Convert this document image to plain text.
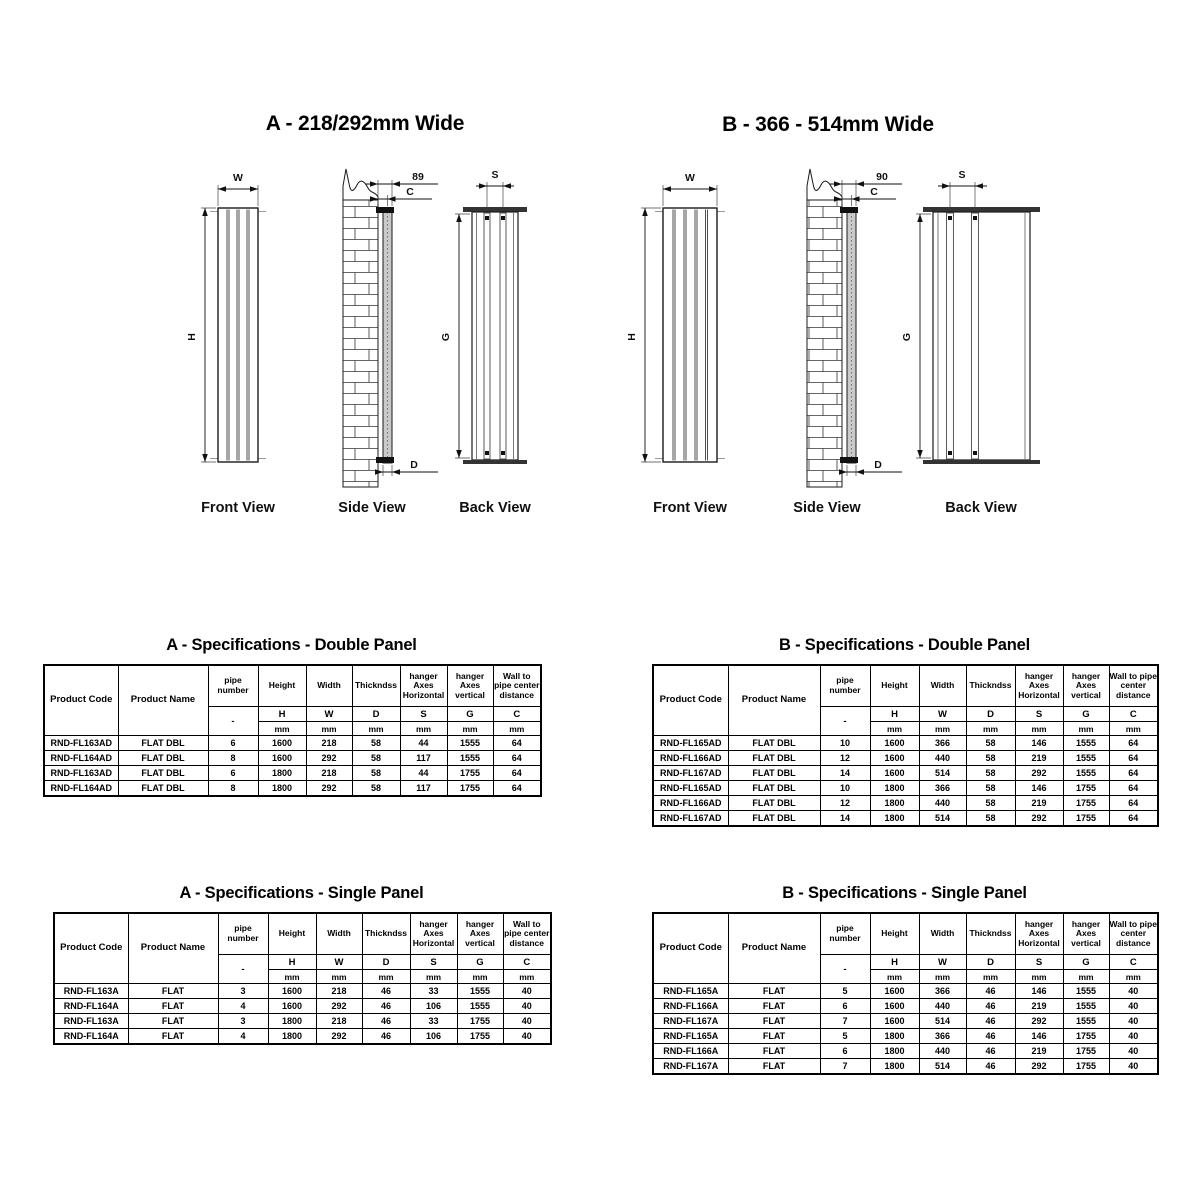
A - 218/292mm Wide	B - 366 - 514mm Wide
W
H
Front View
89
C
D
Side View
S
G
Back View
W
H
Front View
90
C
D
Side View
S
G
Back View
A - Specifications - Double Panel
Product Code	Product Name	pipe number	Height	Width	Thickndss	hanger Axes Horizontal	hanger Axes vertical	Wall to pipe center distance
		-	H	W	D	S	G	C
			mm	mm	mm	mm	mm	mm
RND-FL163AD	FLAT DBL	6	1600	218	58	44	1555	64
RND-FL164AD	FLAT DBL	8	1600	292	58	117	1555	64
RND-FL163AD	FLAT DBL	6	1800	218	58	44	1755	64
RND-FL164AD	FLAT DBL	8	1800	292	58	117	1755	64
B - Specifications - Double Panel
Product Code	Product Name	pipe number	Height	Width	Thickndss	hanger Axes Horizontal	hanger Axes vertical	Wall to pipe center distance
		-	H	W	D	S	G	C
			mm	mm	mm	mm	mm	mm
RND-FL165AD	FLAT DBL	10	1600	366	58	146	1555	64
RND-FL166AD	FLAT DBL	12	1600	440	58	219	1555	64
RND-FL167AD	FLAT DBL	14	1600	514	58	292	1555	64
RND-FL165AD	FLAT DBL	10	1800	366	58	146	1755	64
RND-FL166AD	FLAT DBL	12	1800	440	58	219	1755	64
RND-FL167AD	FLAT DBL	14	1800	514	58	292	1755	64
A - Specifications - Single Panel
Product Code	Product Name	pipe number	Height	Width	Thickndss	hanger Axes Horizontal	hanger Axes vertical	Wall to pipe center distance
		-	H	W	D	S	G	C
			mm	mm	mm	mm	mm	mm
RND-FL163A	FLAT	3	1600	218	46	33	1555	40
RND-FL164A	FLAT	4	1600	292	46	106	1555	40
RND-FL163A	FLAT	3	1800	218	46	33	1755	40
RND-FL164A	FLAT	4	1800	292	46	106	1755	40
B - Specifications - Single Panel
Product Code	Product Name	pipe number	Height	Width	Thickndss	hanger Axes Horizontal	hanger Axes vertical	Wall to pipe center distance
		-	H	W	D	S	G	C
			mm	mm	mm	mm	mm	mm
RND-FL165A	FLAT	5	1600	366	46	146	1555	40
RND-FL166A	FLAT	6	1600	440	46	219	1555	40
RND-FL167A	FLAT	7	1600	514	46	292	1555	40
RND-FL165A	FLAT	5	1800	366	46	146	1755	40
RND-FL166A	FLAT	6	1800	440	46	219	1755	40
RND-FL167A	FLAT	7	1800	514	46	292	1755	40
